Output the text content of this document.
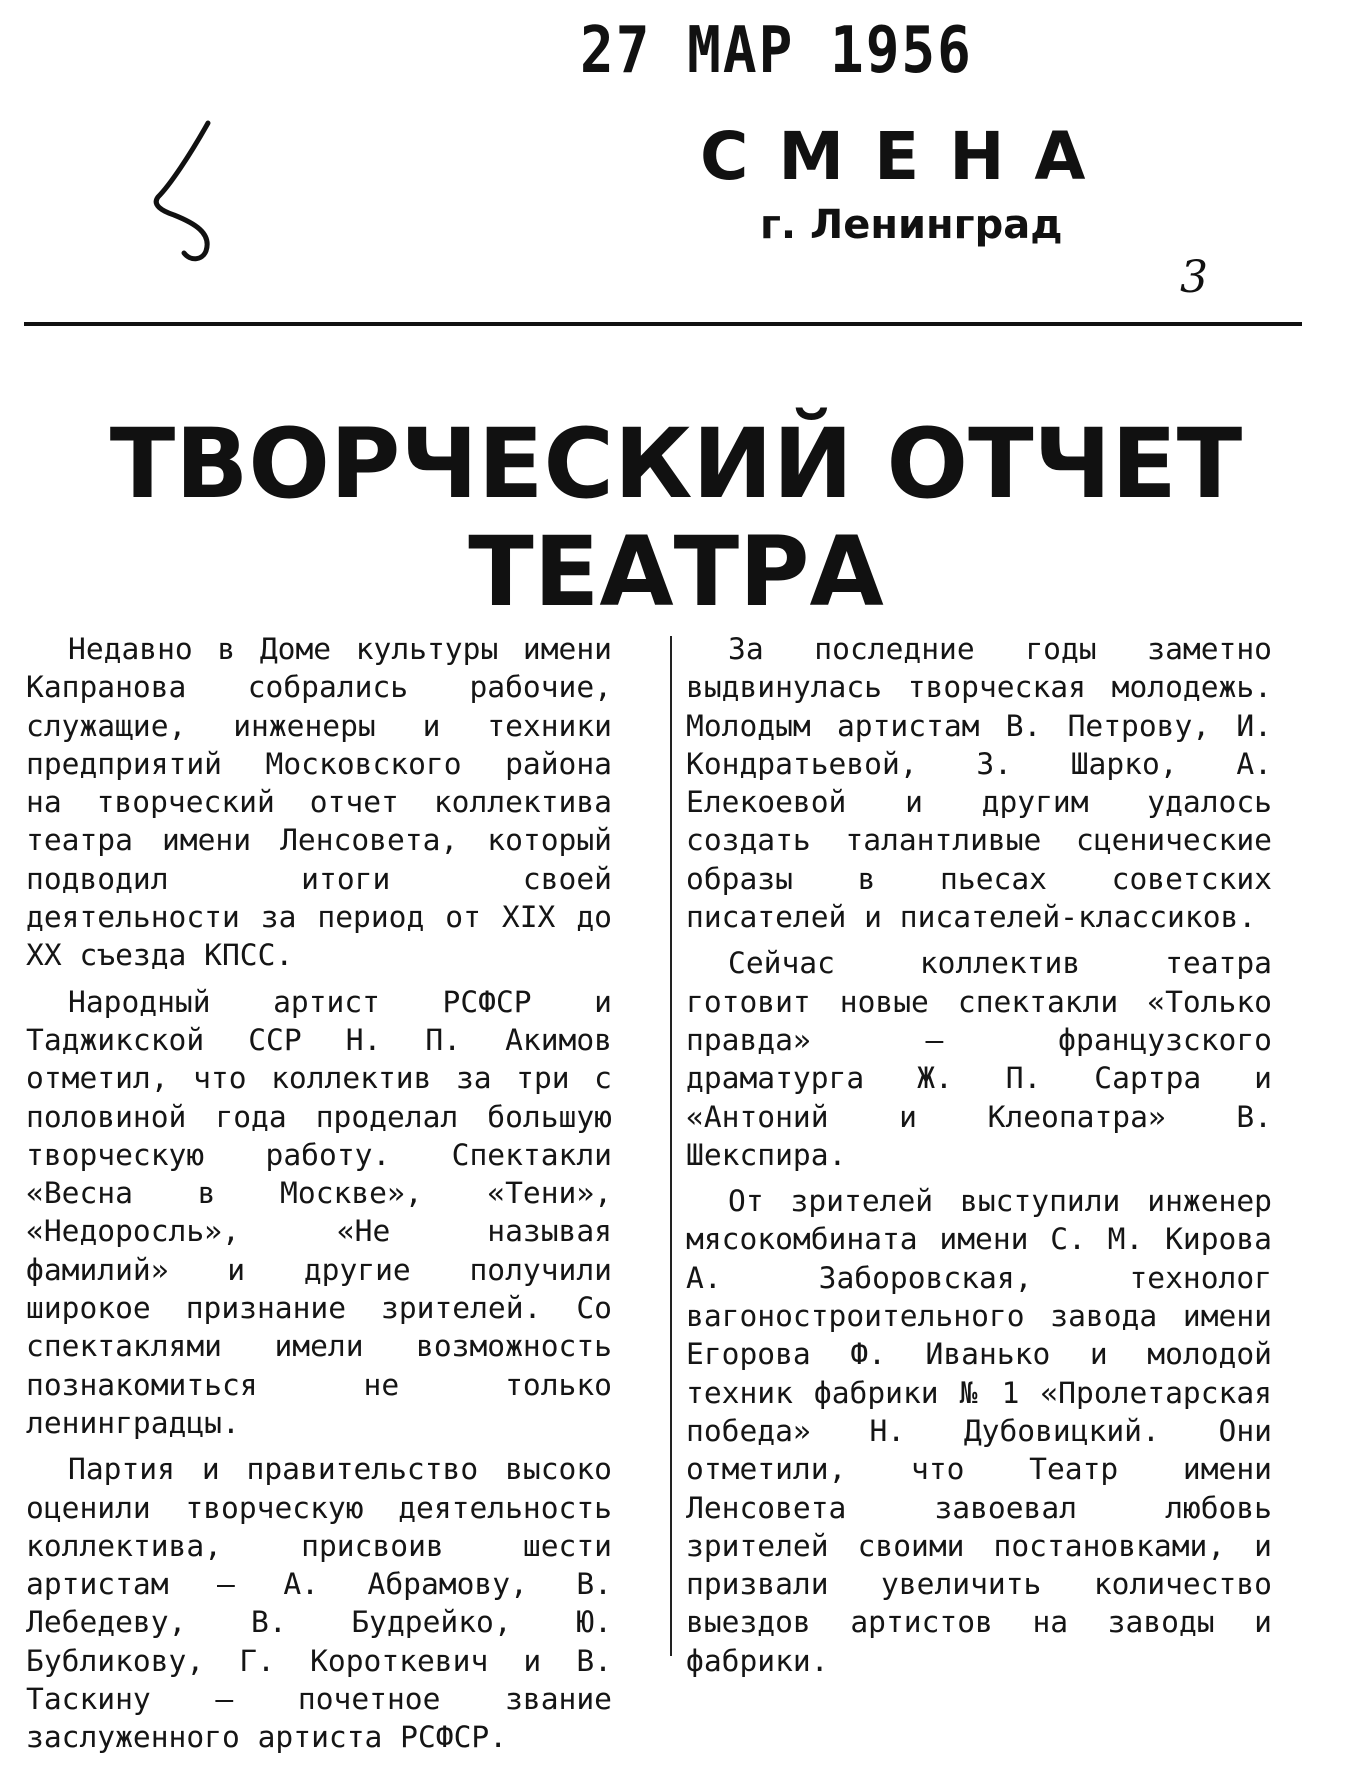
27 МАР 1956
СМЕНА
г. Ленинград
3
ТВОРЧЕСКИЙ ОТЧЕТ
ТЕАТРА

Недавно в Доме культуры имени Капранова собрались рабочие, служащие, инженеры и техники предприятий Московского района на творческий отчет коллектива театра имени Ленсовета, который подводил итоги своей деятельности за период от XIX до XX съезда КПСС.

Народный артист РСФСР и Таджикской ССР Н. П. Акимов отметил, что коллектив за три с половиной года проделал большую творческую работу. Спектакли «Весна в Москве», «Тени», «Недоросль», «Не называя фамилий» и другие получили широкое признание зрителей. Со спектаклями имели возможность познакомиться не только ленинградцы.

Партия и правительство высоко оценили творческую деятельность коллектива, присвоив шести артистам — А. Абрамову, В. Лебедеву, В. Будрейко, Ю. Бубликову, Г. Короткевич и В. Таскину — почетное звание заслуженного артиста РСФСР.

За последние годы заметно выдвинулась творческая молодежь. Молодым артистам В. Петрову, И. Кондратьевой, З. Шарко, А. Елекоевой и другим удалось создать талантливые сценические образы в пьесах советских писателей и писателей-классиков.

Сейчас коллектив театра готовит новые спектакли «Только правда» — французского драматурга Ж. П. Сартра и «Антоний и Клеопатра» В. Шекспира.

От зрителей выступили инженер мясокомбината имени С. М. Кирова А. Заборовская, технолог вагоностроительного завода имени Егорова Ф. Иванько и молодой техник фабрики № 1 «Пролетарская победа» Н. Дубовицкий. Они отметили, что Театр имени Ленсовета завоевал любовь зрителей своими постановками, и призвали увеличить количество выездов артистов на заводы и фабрики.
